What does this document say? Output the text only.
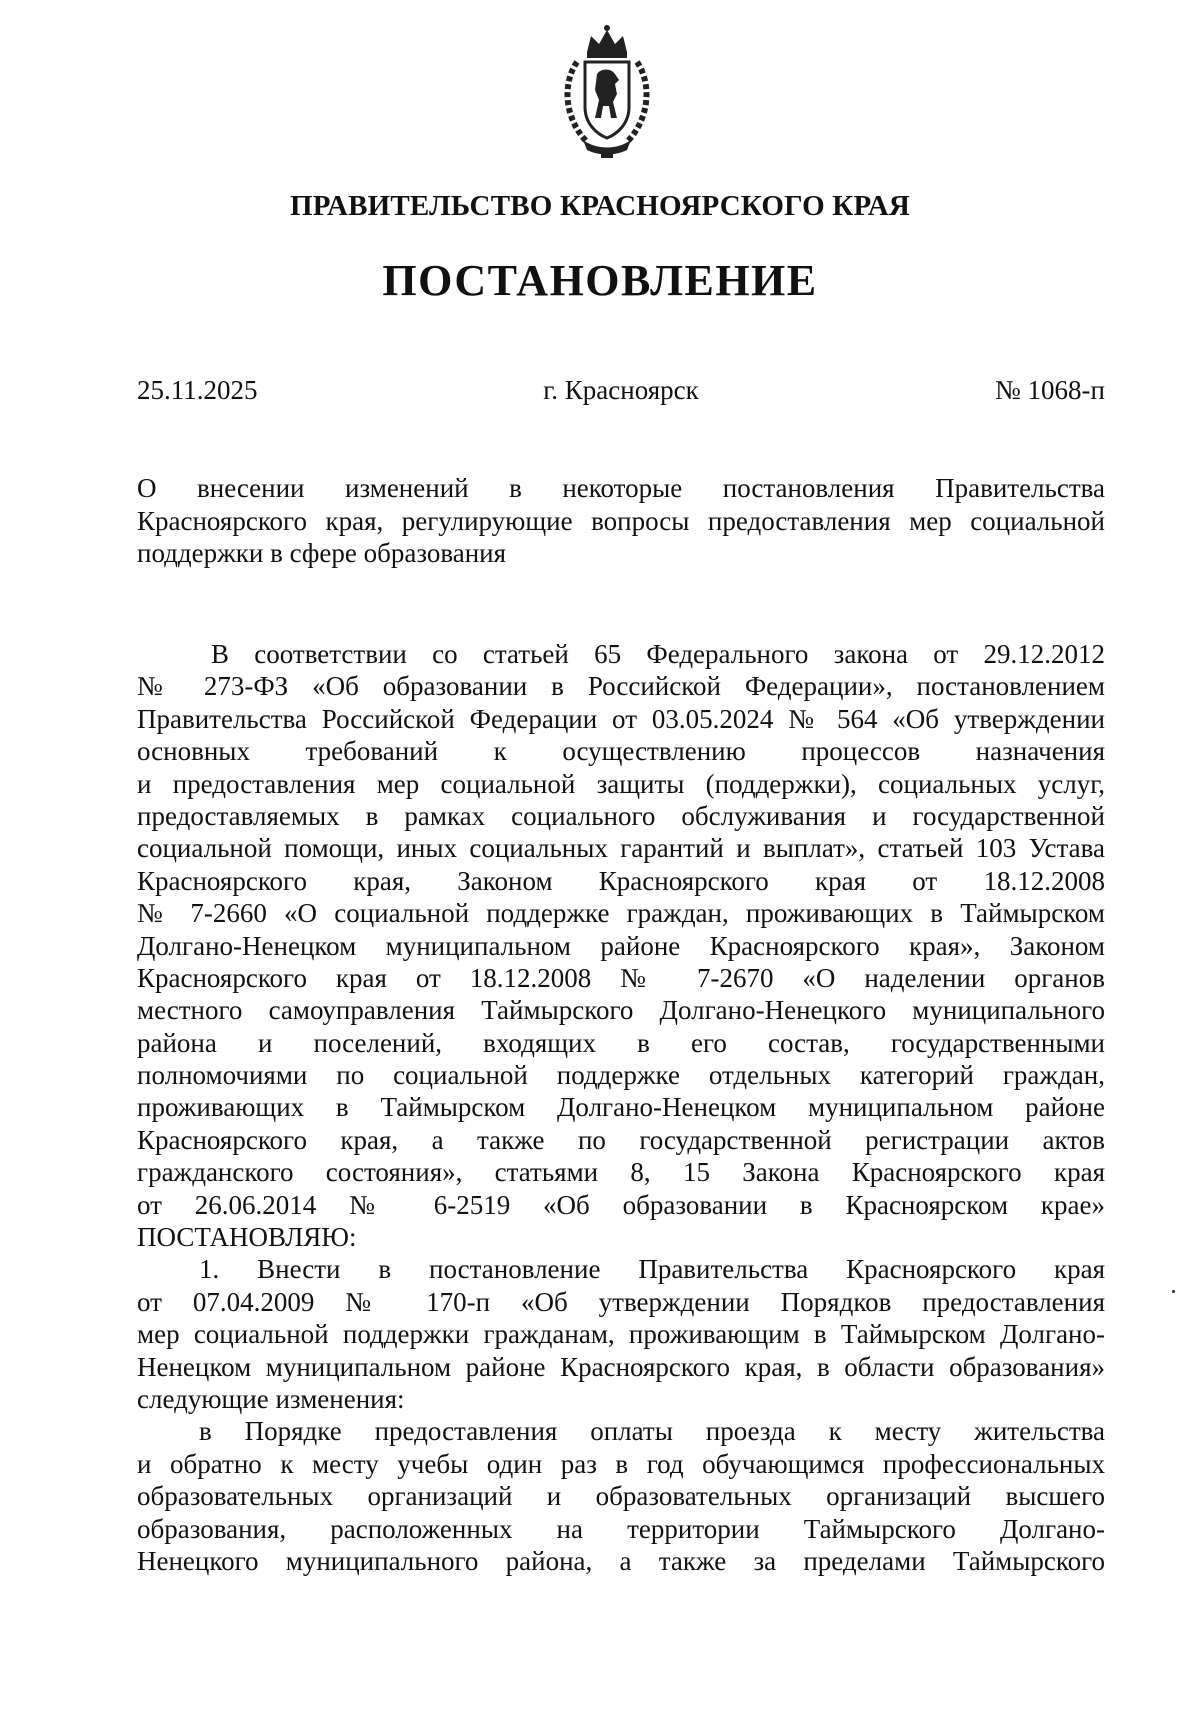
ПРАВИТЕЛЬСТВО КРАСНОЯРСКОГО КРАЯ
ПОСТАНОВЛЕНИЕ
25.11.2025	г. Красноярск	№ 1068-п
О внесении изменений в некоторые постановления Правительства
Красноярского края, регулирующие вопросы предоставления мер социальной
поддержки в сфере образования
В соответствии со статьей 65 Федерального закона от 29.12.2012
№ 273-ФЗ «Об образовании в Российской Федерации», постановлением
Правительства Российской Федерации от 03.05.2024 № 564 «Об утверждении
основных требований к осуществлению процессов назначения
и предоставления мер социальной защиты (поддержки), социальных услуг,
предоставляемых в рамках социального обслуживания и государственной
социальной помощи, иных социальных гарантий и выплат», статьей 103 Устава
Красноярского края, Законом Красноярского края от 18.12.2008
№ 7-2660 «О социальной поддержке граждан, проживающих в Таймырском
Долгано-Ненецком муниципальном районе Красноярского края», Законом
Красноярского края от 18.12.2008 № 7-2670 «О наделении органов
местного самоуправления Таймырского Долгано-Ненецкого муниципального
района и поселений, входящих в его состав, государственными
полномочиями по социальной поддержке отдельных категорий граждан,
проживающих в Таймырском Долгано-Ненецком муниципальном районе
Красноярского края, а также по государственной регистрации актов
гражданского состояния», статьями 8, 15 Закона Красноярского края
от 26.06.2014 № 6-2519 «Об образовании в Красноярском крае»
ПОСТАНОВЛЯЮ:
1. Внести в постановление Правительства Красноярского края
от 07.04.2009 № 170-п «Об утверждении Порядков предоставления
мер социальной поддержки гражданам, проживающим в Таймырском Долгано-
Ненецком муниципальном районе Красноярского края, в области образования»
следующие изменения:
в Порядке предоставления оплаты проезда к месту жительства
и обратно к месту учебы один раз в год обучающимся профессиональных
образовательных организаций и образовательных организаций высшего
образования, расположенных на территории Таймырского Долгано-
Ненецкого муниципального района, а также за пределами Таймырского
